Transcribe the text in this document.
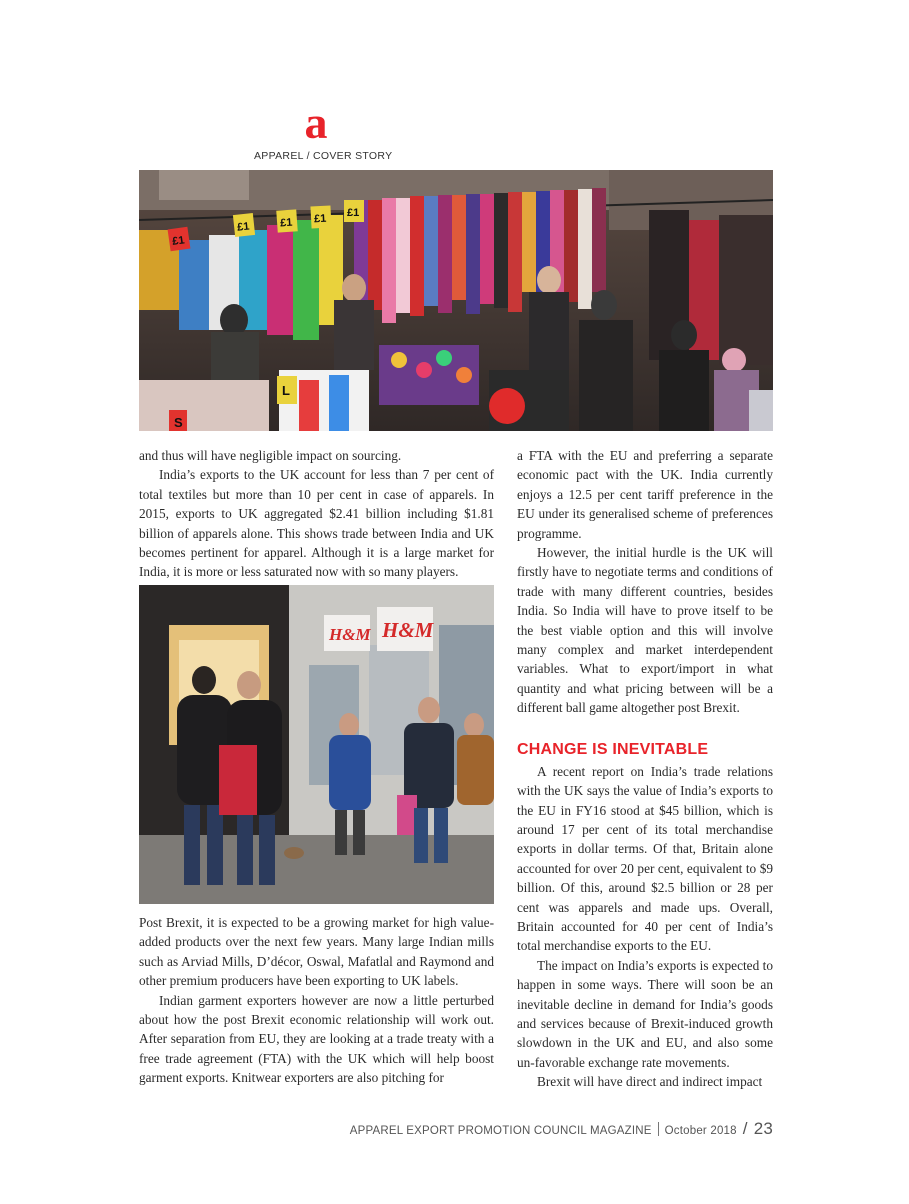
a
APPAREL / COVER STORY
£1
£1	£1 £1 £1
L
S

and thus will have negligible impact on sourcing.

India’s exports to the UK account for less than 7 per cent of total textiles but more than 10 per cent in case of apparels. In 2015, exports to UK aggregated $2.41 billion including $1.81 billion of apparels alone. This shows trade between India and UK becomes pertinent for apparel. Although it is a large market for India, it is more or less saturated now with so many players.

H&M H&M

Post Brexit, it is expected to be a growing market for high value-added products over the next few years. Many large Indian mills such as Arviad Mills, D’décor, Oswal, Mafatlal and Raymond and other premium producers have been exporting to UK labels.

Indian garment exporters however are now a little perturbed about how the post Brexit economic relationship will work out. After separation from EU, they are looking at a trade treaty with a free trade agreement (FTA) with the UK which will help boost garment exports. Knitwear exporters are also pitching for

a FTA with the EU and preferring a separate economic pact with the UK. India currently enjoys a 12.5 per cent tariff preference in the EU under its generalised scheme of preferences programme.

However, the initial hurdle is the UK will firstly have to negotiate terms and conditions of trade with many different countries, besides India. So India will have to prove itself to be the best viable option and this will involve many complex and market interdependent variables. What to export/import in what quantity and what pricing between will be a different ball game altogether post Brexit.

CHANGE IS INEVITABLE

A recent report on India’s trade relations with the UK says the value of India’s exports to the EU in FY16 stood at $45 billion, which is around 17 per cent of its total merchandise exports in dollar terms. Of that, Britain alone accounted for over 20 per cent, equivalent to $9 billion. Of this, around $2.5 billion or 28 per cent was apparels and made ups. Overall, Britain accounted for 40 per cent of India’s total merchandise exports to the EU.

The impact on India’s exports is expected to happen in some ways. There will soon be an inevitable decline in demand for India’s goods and services because of Brexit-induced growth slowdown in the UK and EU, and also some un-favorable exchange rate movements.

Brexit will have direct and indirect impact

APPAREL EXPORT PROMOTION COUNCIL MAGAZINE October 2018 / 23
